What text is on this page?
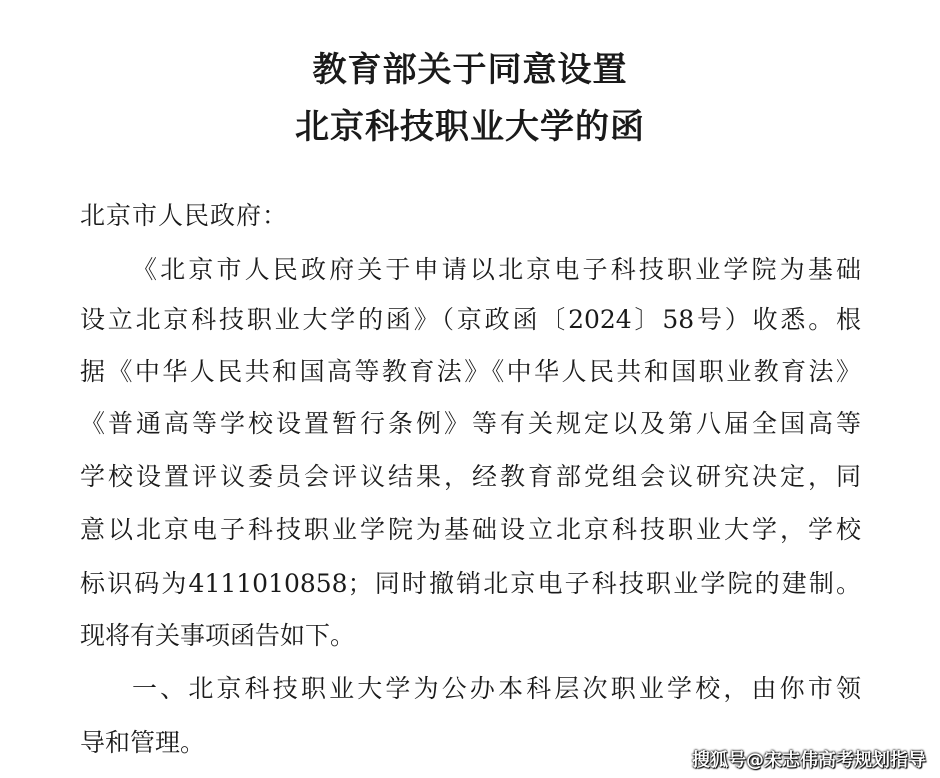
教育部关于同意设置
北京科技职业大学的函
北京市人民政府：
《北京市人民政府关于申请以北京电子科技职业学院为基础
设立北京科技职业大学的函》（京政函〔2024〕58号）收悉。根
据《中华人民共和国高等教育法》《中华人民共和国职业教育法》
《普通高等学校设置暂行条例》等有关规定以及第八届全国高等
学校设置评议委员会评议结果，经教育部党组会议研究决定，同
意以北京电子科技职业学院为基础设立北京科技职业大学，学校
标识码为4111010858；同时撤销北京电子科技职业学院的建制。
现将有关事项函告如下。
一、北京科技职业大学为公办本科层次职业学校，由你市领
导和管理。
搜狐号@宋志伟高考规划指导
